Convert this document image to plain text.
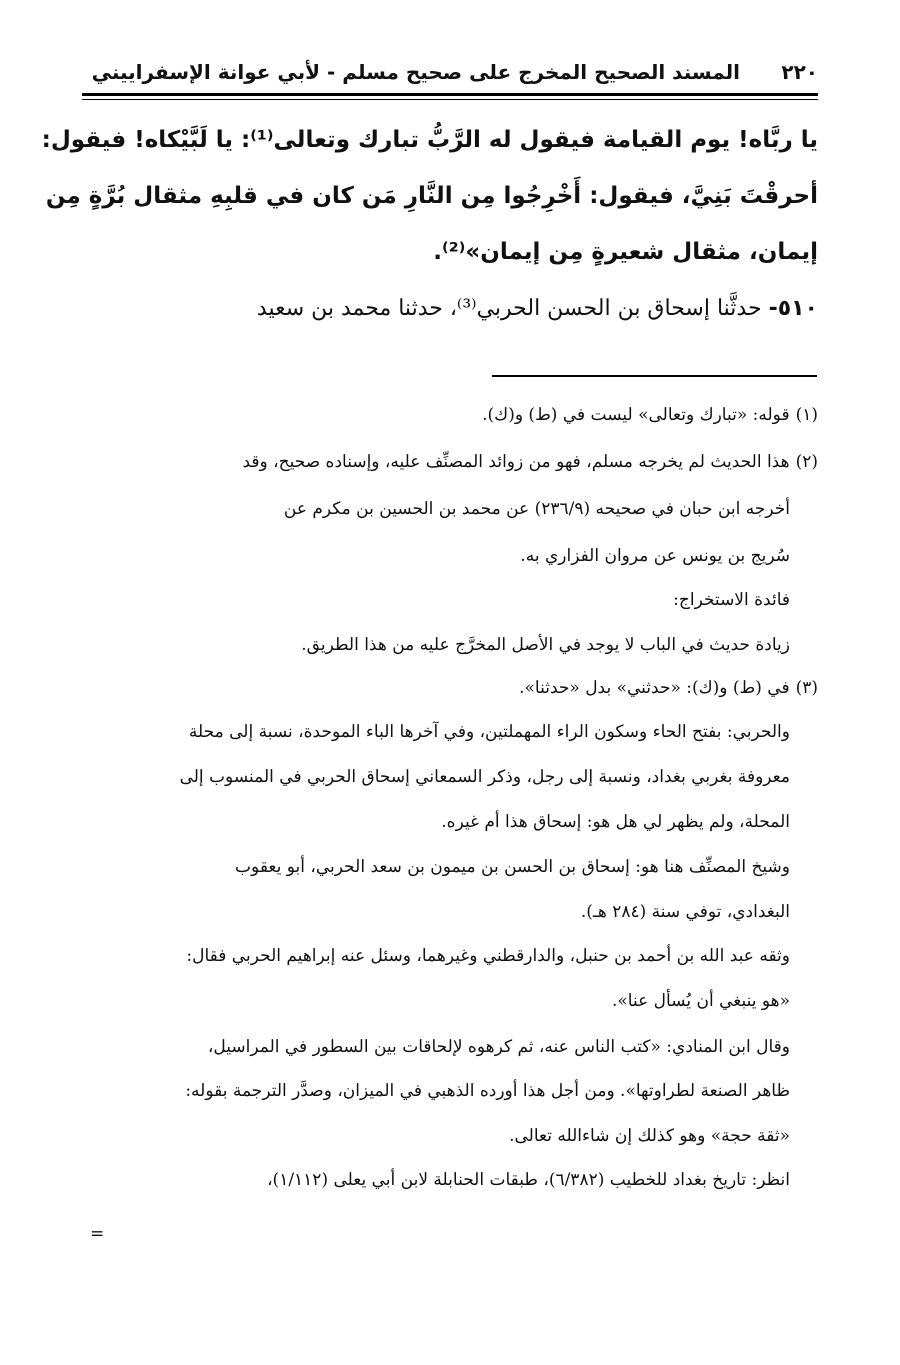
٢٢٠
المسند الصحيح المخرج على صحيح مسلم - لأبي عوانة الإسفراييني
يا ربَّاه! يوم القيامة فيقول له الرَّبُّ تبارك وتعالى⁽¹⁾: يا لَبَّيْكاه! فيقول:
أحرقْتَ بَنِيَّ، فيقول: أَخْرِجُوا مِن النَّارِ مَن كان في قلبِهِ مثقال بُرَّةٍ مِن
إيمان، مثقال شعيرةٍ مِن إيمان»⁽²⁾.
٥١٠- حدثَّنا إسحاق بن الحسن الحربي⁽³⁾، حدثنا محمد بن سعيد
(١)قوله: «تبارك وتعالى» ليست في (ط) و(ك).
(٢)هذا الحديث لم يخرجه مسلم، فهو من زوائد المصنِّف عليه، وإسناده صحيح، وقد
أخرجه ابن حبان في صحيحه (٢٣٦/٩) عن محمد بن الحسين بن مكرم عن
سُريج بن يونس عن مروان الفزاري به.
فائدة الاستخراج:
زيادة حديث في الباب لا يوجد في الأصل المخرَّج عليه من هذا الطريق.
(٣)في (ط) و(ك): «حدثني» بدل «حدثنا».
والحربي: بفتح الحاء وسكون الراء المهملتين، وفي آخرها الباء الموحدة، نسبة إلى محلة
معروفة بغربي بغداد، ونسبة إلى رجل، وذكر السمعاني إسحاق الحربي في المنسوب إلى
المحلة، ولم يظهر لي هل هو: إسحاق هذا أم غيره.
وشيخ المصنِّف هنا هو: إسحاق بن الحسن بن ميمون بن سعد الحربي، أبو يعقوب
البغدادي، توفي سنة (٢٨٤ هـ).
وثقه عبد الله بن أحمد بن حنبل، والدارقطني وغيرهما، وسئل عنه إبراهيم الحربي فقال:
«هو ينبغي أن يُسأل عنا».
وقال ابن المنادي: «كتب الناس عنه، ثم كرهوه لإلحاقات بين السطور في المراسيل،
ظاهر الصنعة لطراوتها». ومن أجل هذا أورده الذهبي في الميزان، وصدَّر الترجمة بقوله:
«ثقة حجة» وهو كذلك إن شاءالله تعالى.
انظر: تاريخ بغداد للخطيب (٦/٣٨٢)، طبقات الحنابلة لابن أبي يعلى (١/١١٢)،
=
